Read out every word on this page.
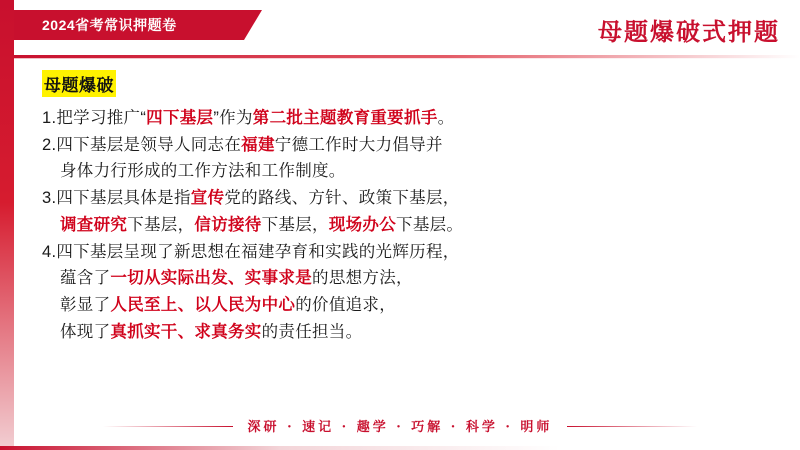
2024省考常识押题卷	母题爆破式押题
母题爆破
1.把学习推广“四下基层”作为第二批主题教育重要抓手。
2.四下基层是领导人同志在福建宁德工作时大力倡导并
身体力行形成的工作方法和工作制度。
3.四下基层具体是指宣传党的路线、方针、政策下基层，
调查研究下基层，信访接待下基层，现场办公下基层。
4.四下基层呈现了新思想在福建孕育和实践的光辉历程，
蕴含了一切从实际出发、实事求是的思想方法，
彰显了人民至上、以人民为中心的价值追求，
体现了真抓实干、求真务实的责任担当。
深研 · 速记 · 趣学 · 巧解 · 科学 · 明师
